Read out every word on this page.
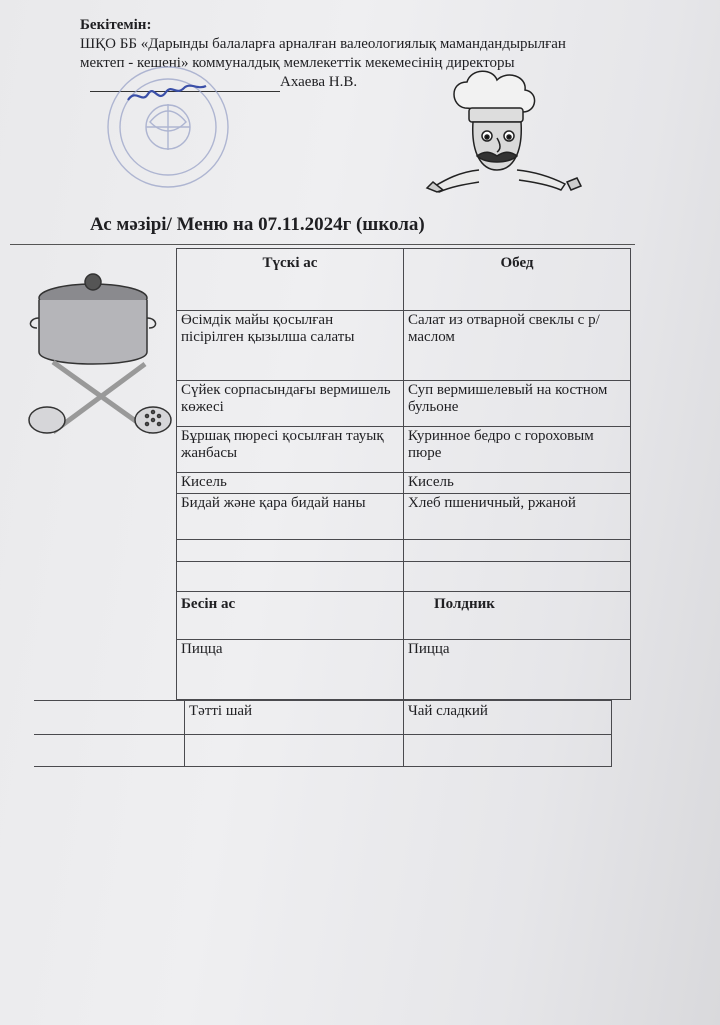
Бекітемін:
ШҚО ББ «Дарынды балаларға арналған валеологиялық мамандандырылған
мектеп - кешені» коммуналдық мемлекеттік мекемесінің директоры
Ахаева Н.В.
Ас мәзірі/ Меню на 07.11.2024г (школа)
Түскі ас	Обед
Өсімдік майы қосылған пісірілген қызылша салаты	Салат из отварной свеклы с р/маслом
Сүйек сорпасындағы вермишель көжесі	Суп вермишелевый на костном бульоне
Бұршақ пюресі қосылған тауық жанбасы	Куринное бедро с гороховым пюре
Кисель	Кисель
Бидай және қара бидай наны	Хлеб пшеничный, ржаной

Бесін ас	Полдник
Пицца	Пицца
	Тәтті шай	Чай сладкий
